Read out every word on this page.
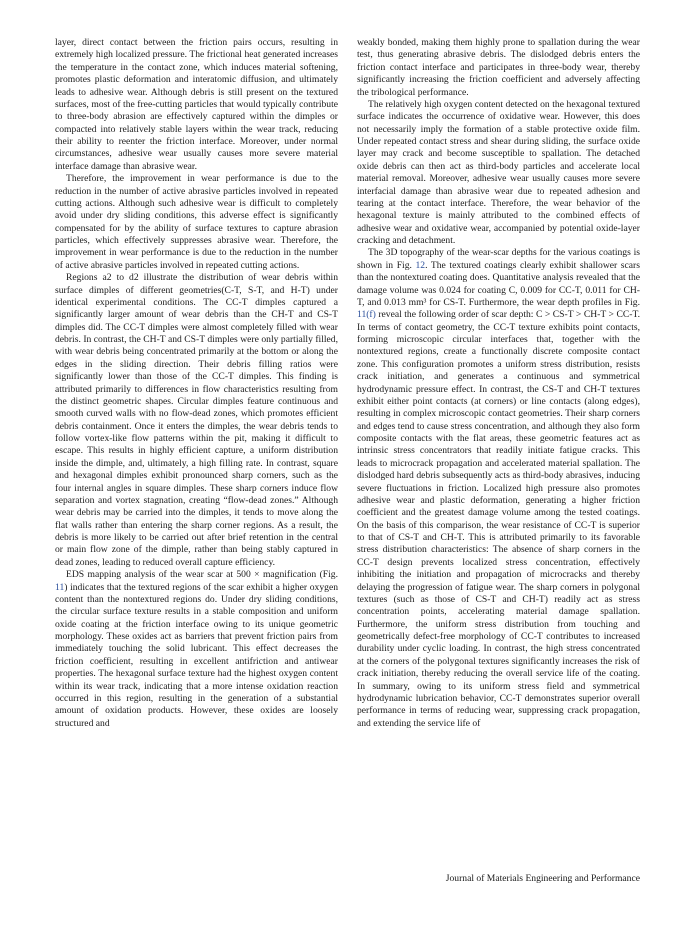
layer, direct contact between the friction pairs occurs, resulting in extremely high localized pressure. The frictional heat generated increases the temperature in the contact zone, which induces material softening, promotes plastic deformation and interatomic diffusion, and ultimately leads to adhesive wear. Although debris is still present on the textured surfaces, most of the free-cutting particles that would typically contribute to three-body abrasion are effectively captured within the dimples or compacted into relatively stable layers within the wear track, reducing their ability to reenter the friction interface. Moreover, under normal circumstances, adhesive wear usually causes more severe material interface damage than abrasive wear.

Therefore, the improvement in wear performance is due to the reduction in the number of active abrasive particles involved in repeated cutting actions. Although such adhesive wear is difficult to completely avoid under dry sliding conditions, this adverse effect is significantly compensated for by the ability of surface textures to capture abrasion particles, which effectively suppresses abrasive wear. Therefore, the improvement in wear performance is due to the reduction in the number of active abrasive particles involved in repeated cutting actions.

Regions a2 to d2 illustrate the distribution of wear debris within surface dimples of different geometries(C-T, S-T, and H-T) under identical experimental conditions. The CC-T dimples captured a significantly larger amount of wear debris than the CH-T and CS-T dimples did. The CC-T dimples were almost completely filled with wear debris. In contrast, the CH-T and CS-T dimples were only partially filled, with wear debris being concentrated primarily at the bottom or along the edges in the sliding direction. Their debris filling ratios were significantly lower than those of the CC-T dimples. This finding is attributed primarily to differences in flow characteristics resulting from the distinct geometric shapes. Circular dimples feature continuous and smooth curved walls with no flow-dead zones, which promotes efficient debris containment. Once it enters the dimples, the wear debris tends to follow vortex-like flow patterns within the pit, making it difficult to escape. This results in highly efficient capture, a uniform distribution inside the dimple, and, ultimately, a high filling rate. In contrast, square and hexagonal dimples exhibit pronounced sharp corners, such as the four internal angles in square dimples. These sharp corners induce flow separation and vortex stagnation, creating “flow-dead zones.” Although wear debris may be carried into the dimples, it tends to move along the flat walls rather than entering the sharp corner regions. As a result, the debris is more likely to be carried out after brief retention in the central or main flow zone of the dimple, rather than being stably captured in dead zones, leading to reduced overall capture efficiency.

EDS mapping analysis of the wear scar at 500 × magnification (Fig. 11) indicates that the textured regions of the scar exhibit a higher oxygen content than the nontextured regions do. Under dry sliding conditions, the circular surface texture results in a stable composition and uniform oxide coating at the friction interface owing to its unique geometric morphology. These oxides act as barriers that prevent friction pairs from immediately touching the solid lubricant. This effect decreases the friction coefficient, resulting in excellent antifriction and antiwear properties. The hexagonal surface texture had the highest oxygen content within its wear track, indicating that a more intense oxidation reaction occurred in this region, resulting in the generation of a substantial amount of oxidation products. However, these oxides are loosely structured and

weakly bonded, making them highly prone to spallation during the wear test, thus generating abrasive debris. The dislodged debris enters the friction contact interface and participates in three-body wear, thereby significantly increasing the friction coefficient and adversely affecting the tribological performance.

The relatively high oxygen content detected on the hexagonal textured surface indicates the occurrence of oxidative wear. However, this does not necessarily imply the formation of a stable protective oxide film. Under repeated contact stress and shear during sliding, the surface oxide layer may crack and become susceptible to spallation. The detached oxide debris can then act as third-body particles and accelerate local material removal. Moreover, adhesive wear usually causes more severe interfacial damage than abrasive wear due to repeated adhesion and tearing at the contact interface. Therefore, the wear behavior of the hexagonal texture is mainly attributed to the combined effects of adhesive wear and oxidative wear, accompanied by potential oxide-layer cracking and detachment.

The 3D topography of the wear-scar depths for the various coatings is shown in Fig. 12. The textured coatings clearly exhibit shallower scars than the nontextured coating does. Quantitative analysis revealed that the damage volume was 0.024 for coating C, 0.009 for CC-T, 0.011 for CH-T, and 0.013 mm³ for CS-T. Furthermore, the wear depth profiles in Fig. 11(f) reveal the following order of scar depth: C > CS-T > CH-T > CC-T. In terms of contact geometry, the CC-T texture exhibits point contacts, forming microscopic circular interfaces that, together with the nontextured regions, create a functionally discrete composite contact zone. This configuration promotes a uniform stress distribution, resists crack initiation, and generates a continuous and symmetrical hydrodynamic pressure effect. In contrast, the CS-T and CH-T textures exhibit either point contacts (at corners) or line contacts (along edges), resulting in complex microscopic contact geometries. Their sharp corners and edges tend to cause stress concentration, and although they also form composite contacts with the flat areas, these geometric features act as intrinsic stress concentrators that readily initiate fatigue cracks. This leads to microcrack propagation and accelerated material spallation. The dislodged hard debris subsequently acts as third-body abrasives, inducing severe fluctuations in friction. Localized high pressure also promotes adhesive wear and plastic deformation, generating a higher friction coefficient and the greatest damage volume among the tested coatings. On the basis of this comparison, the wear resistance of CC-T is superior to that of CS-T and CH-T. This is attributed primarily to its favorable stress distribution characteristics: The absence of sharp corners in the CC-T design prevents localized stress concentration, effectively inhibiting the initiation and propagation of microcracks and thereby delaying the progression of fatigue wear. The sharp corners in polygonal textures (such as those of CS-T and CH-T) readily act as stress concentration points, accelerating material damage spallation. Furthermore, the uniform stress distribution from touching and geometrically defect-free morphology of CC-T contributes to increased durability under cyclic loading. In contrast, the high stress concentrated at the corners of the polygonal textures significantly increases the risk of crack initiation, thereby reducing the overall service life of the coating. In summary, owing to its uniform stress field and symmetrical hydrodynamic lubrication behavior, CC-T demonstrates superior overall performance in terms of reducing wear, suppressing crack propagation, and extending the service life of

Journal of Materials Engineering and Performance
